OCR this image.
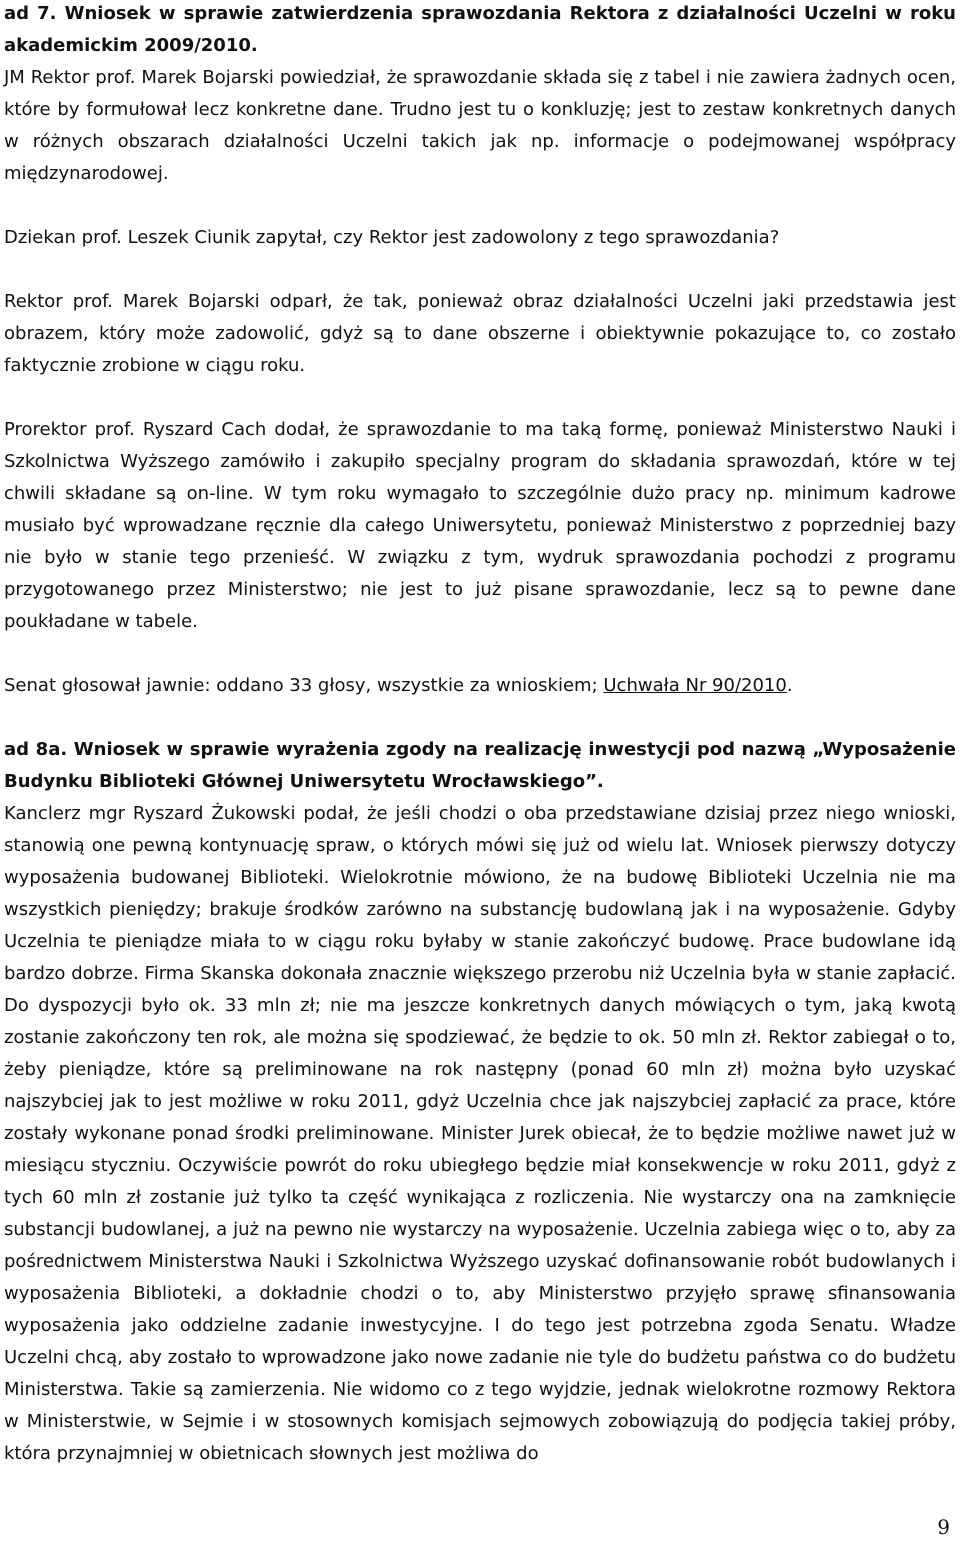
ad 7. Wniosek w sprawie zatwierdzenia sprawozdania Rektora z działalności Uczelni w roku akademickim 2009/2010.

JM Rektor prof. Marek Bojarski powiedział, że sprawozdanie składa się z tabel i nie zawiera żadnych ocen, które by formułował lecz konkretne dane. Trudno jest tu o konkluzję; jest to zestaw konkretnych danych w różnych obszarach działalności Uczelni takich jak np. informacje o podejmowanej współpracy międzynarodowej.

Dziekan prof. Leszek Ciunik zapytał, czy Rektor jest zadowolony z tego sprawozdania?

Rektor prof. Marek Bojarski odparł, że tak, ponieważ obraz działalności Uczelni jaki przedstawia jest obrazem, który może zadowolić, gdyż są to dane obszerne i obiektywnie pokazujące to, co zostało faktycznie zrobione w ciągu roku.

Prorektor prof. Ryszard Cach dodał, że sprawozdanie to ma taką formę, ponieważ Ministerstwo Nauki i Szkolnictwa Wyższego zamówiło i zakupiło specjalny program do składania sprawozdań, które w tej chwili składane są on-line. W tym roku wymagało to szczególnie dużo pracy np. minimum kadrowe musiało być wprowadzane ręcznie dla całego Uniwersytetu, ponieważ Ministerstwo z poprzedniej bazy nie było w stanie tego przenieść. W związku z tym, wydruk sprawozdania pochodzi z programu przygotowanego przez Ministerstwo; nie jest to już pisane sprawozdanie, lecz są to pewne dane poukładane w tabele.

Senat głosował jawnie: oddano 33 głosy, wszystkie za wnioskiem; Uchwała Nr 90/2010.

ad 8a. Wniosek w sprawie wyrażenia zgody na realizację inwestycji pod nazwą „Wyposażenie Budynku Biblioteki Głównej Uniwersytetu Wrocławskiego”.

Kanclerz mgr Ryszard Żukowski podał, że jeśli chodzi o oba przedstawiane dzisiaj przez niego wnioski, stanowią one pewną kontynuację spraw, o których mówi się już od wielu lat. Wniosek pierwszy dotyczy wyposażenia budowanej Biblioteki. Wielokrotnie mówiono, że na budowę Biblioteki Uczelnia nie ma wszystkich pieniędzy; brakuje środków zarówno na substancję budowlaną jak i na wyposażenie. Gdyby Uczelnia te pieniądze miała to w ciągu roku byłaby w stanie zakończyć budowę. Prace budowlane idą bardzo dobrze. Firma Skanska dokonała znacznie większego przerobu niż Uczelnia była w stanie zapłacić. Do dyspozycji było ok. 33 mln zł; nie ma jeszcze konkretnych danych mówiących o tym, jaką kwotą zostanie zakończony ten rok, ale można się spodziewać, że będzie to ok. 50 mln zł. Rektor zabiegał o to, żeby pieniądze, które są preliminowane na rok następny (ponad 60 mln zł) można było uzyskać najszybciej jak to jest możliwe w roku 2011, gdyż Uczelnia chce jak najszybciej zapłacić za prace, które zostały wykonane ponad środki preliminowane. Minister Jurek obiecał, że to będzie możliwe nawet już w miesiącu styczniu. Oczywiście powrót do roku ubiegłego będzie miał konsekwencje w roku 2011, gdyż z tych 60 mln zł zostanie już tylko ta część wynikająca z rozliczenia. Nie wystarczy ona na zamknięcie substancji budowlanej, a już na pewno nie wystarczy na wyposażenie. Uczelnia zabiega więc o to, aby za pośrednictwem Ministerstwa Nauki i Szkolnictwa Wyższego uzyskać dofinansowanie robót budowlanych i wyposażenia Biblioteki, a dokładnie chodzi o to, aby Ministerstwo przyjęło sprawę sfinansowania wyposażenia jako oddzielne zadanie inwestycyjne. I do tego jest potrzebna zgoda Senatu. Władze Uczelni chcą, aby zostało to wprowadzone jako nowe zadanie nie tyle do budżetu państwa co do budżetu Ministerstwa. Takie są zamierzenia. Nie widomo co z tego wyjdzie, jednak wielokrotne rozmowy Rektora w Ministerstwie, w Sejmie i w stosownych komisjach sejmowych zobowiązują do podjęcia takiej próby, która przynajmniej w obietnicach słownych jest możliwa do

9
